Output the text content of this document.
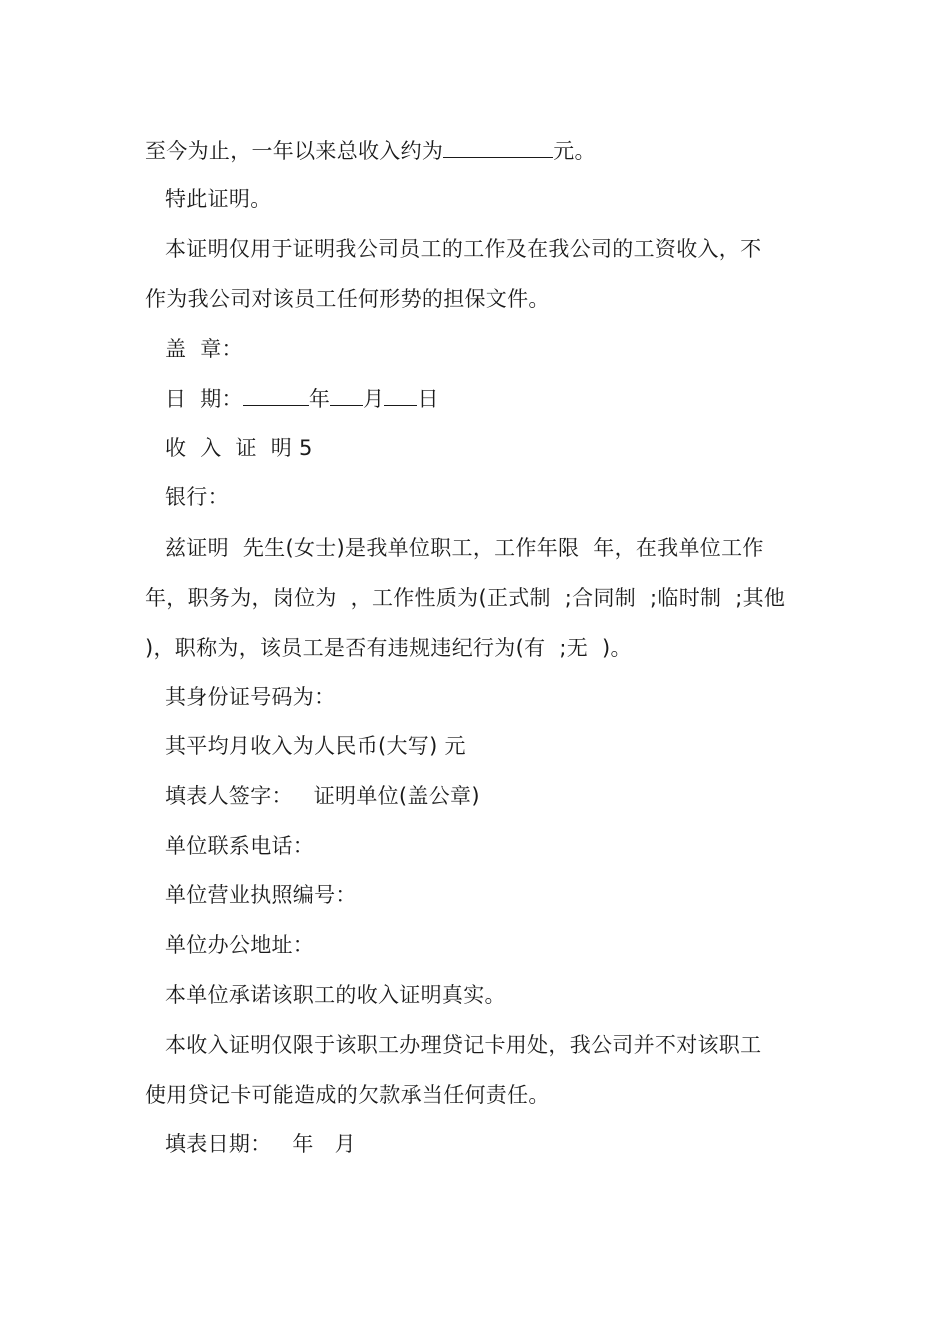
至今为止，一年以来总收入约为	元。
特此证明。
本证明仅用于证明我公司员工的工作及在我公司的工资收入，不
作为我公司对该员工任何形势的担保文件。
盖  章：
日  期：	年 月 日
收  入  证  明 5
银行：
兹证明  先生(女士)是我单位职工，工作年限  年，在我单位工作
年，职务为，岗位为  ，工作性质为(正式制  ;合同制  ;临时制  ;其他
)，职称为，该员工是否有违规违纪行为(有  ;无  )。
其身份证号码为：
其平均月收入为人民币(大写) 元
填表人签字：   证明单位(盖公章)
单位联系电话：
单位营业执照编号：
单位办公地址：
本单位承诺该职工的收入证明真实。
本收入证明仅限于该职工办理贷记卡用处，我公司并不对该职工
使用贷记卡可能造成的欠款承当任何责任。
填表日期：   年   月
